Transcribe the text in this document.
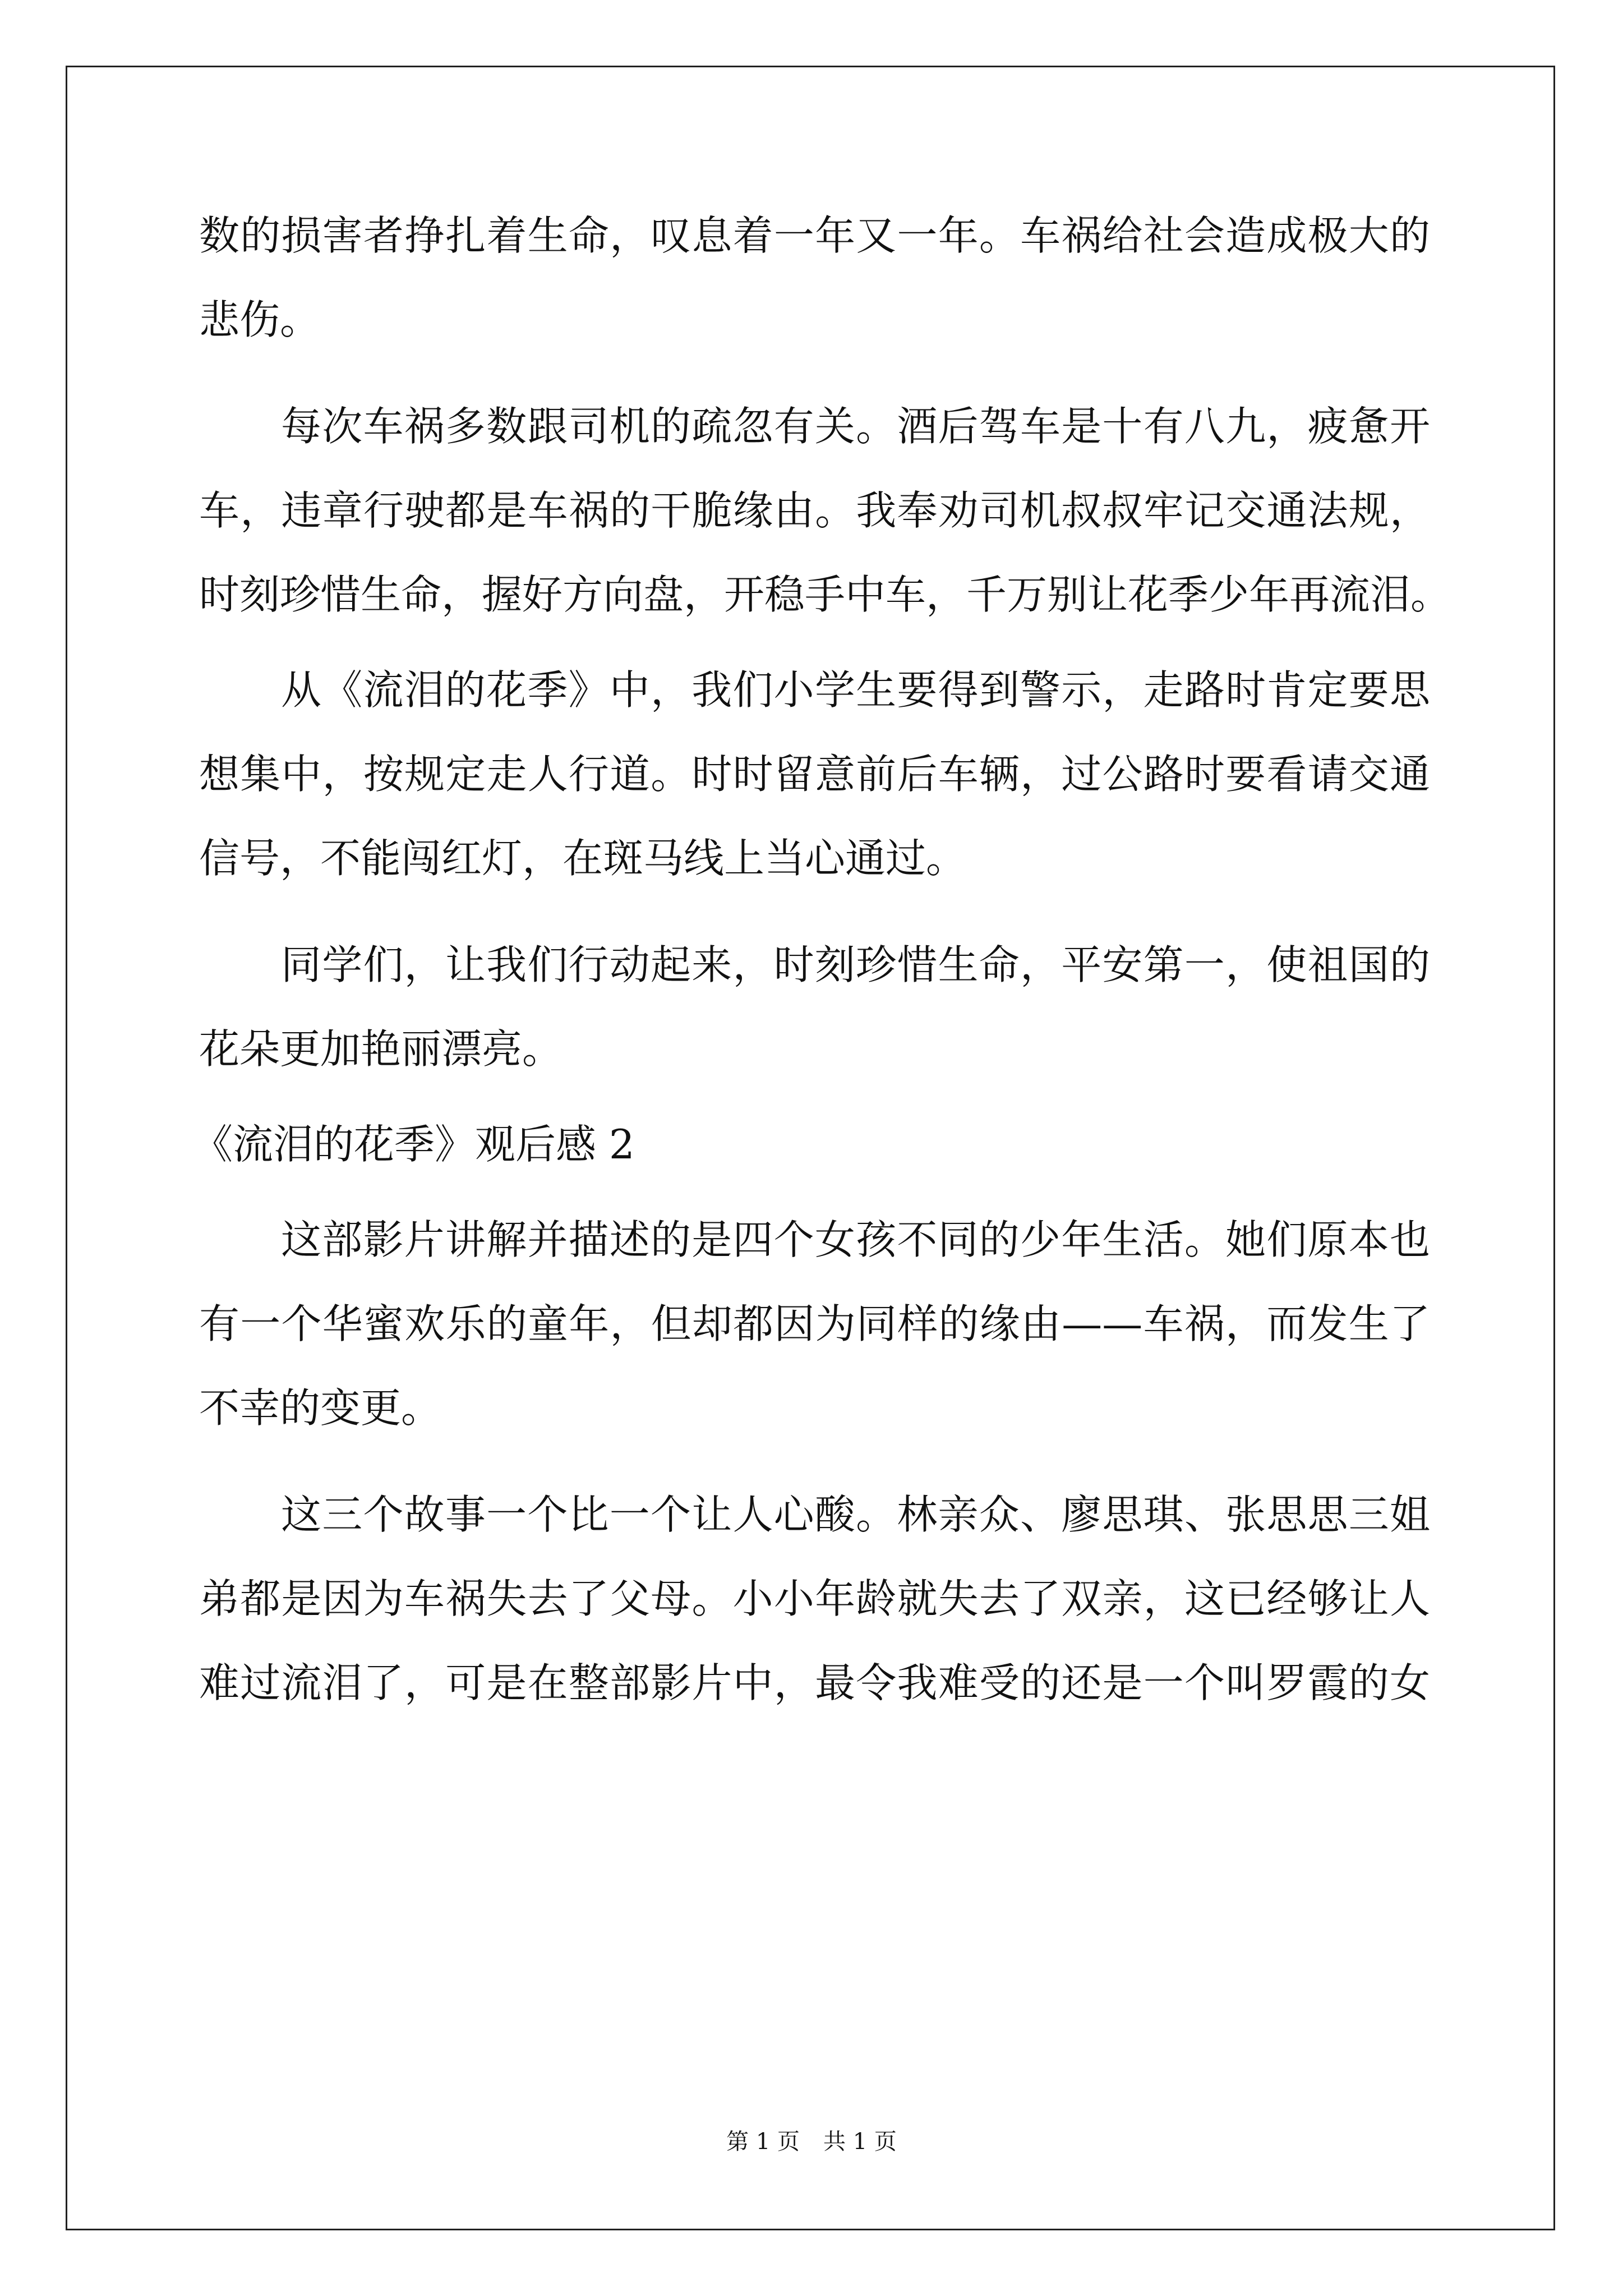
数的损害者挣扎着生命，叹息着一年又一年。车祸给社会造成极大的
悲伤。
每次车祸多数跟司机的疏忽有关。酒后驾车是十有八九，疲惫开
车，违章行驶都是车祸的干脆缘由。我奉劝司机叔叔牢记交通法规，
时刻珍惜生命，握好方向盘，开稳手中车，千万别让花季少年再流泪。
从《流泪的花季》中，我们小学生要得到警示，走路时肯定要思
想集中，按规定走人行道。时时留意前后车辆，过公路时要看请交通
信号，不能闯红灯，在斑马线上当心通过。
同学们，让我们行动起来，时刻珍惜生命，平安第一，使祖国的
花朵更加艳丽漂亮。
《流泪的花季》观后感 2
这部影片讲解并描述的是四个女孩不同的少年生活。她们原本也
有一个华蜜欢乐的童年，但却都因为同样的缘由——车祸，而发生了
不幸的变更。
这三个故事一个比一个让人心酸。林亲众、廖思琪、张思思三姐
弟都是因为车祸失去了父母。小小年龄就失去了双亲，这已经够让人
难过流泪了，可是在整部影片中，最令我难受的还是一个叫罗霞的女
第 1 页 共 1 页
